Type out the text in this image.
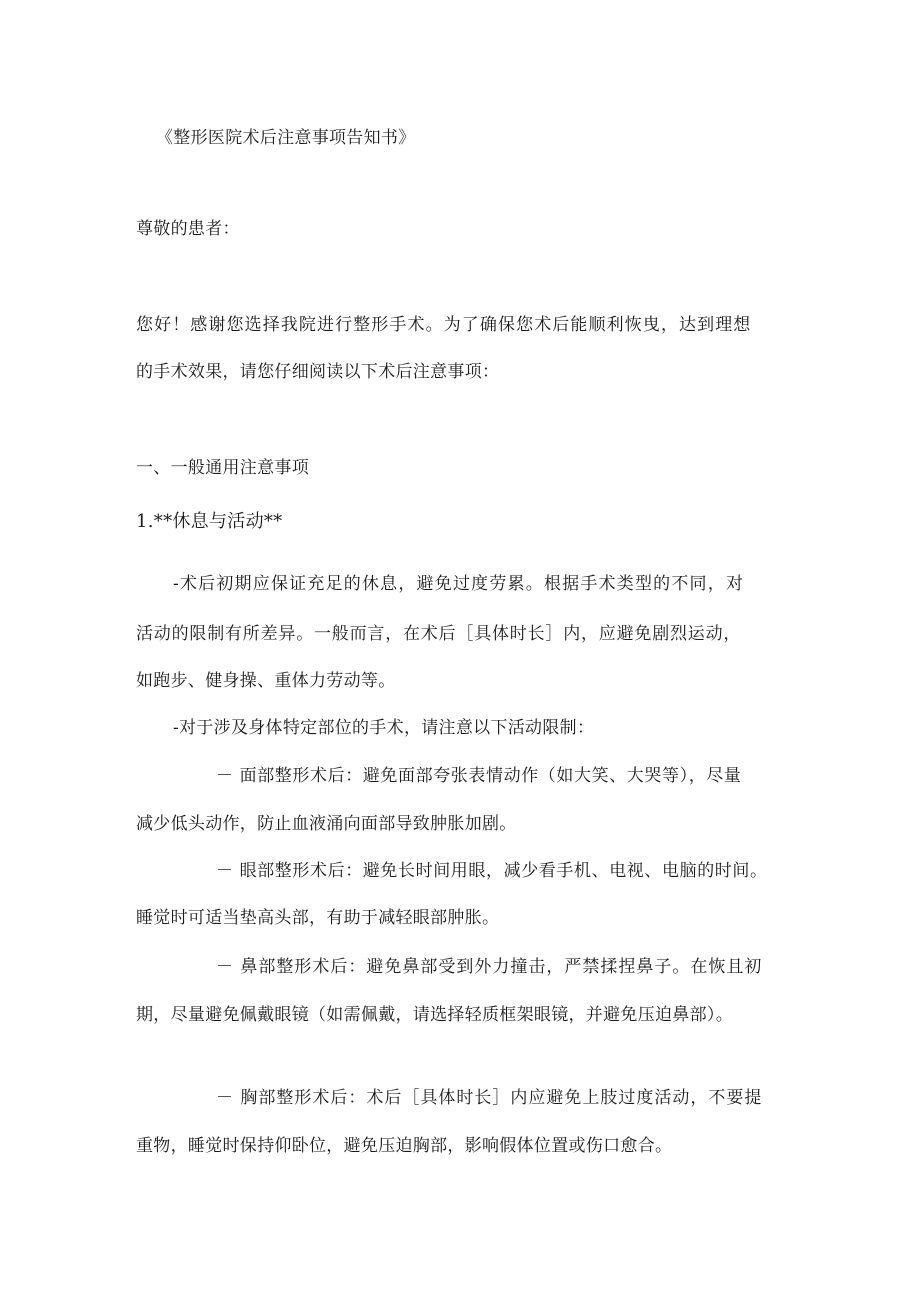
《整形医院术后注意事项告知书》
尊敬的患者：
您好！感谢您选择我院进行整形手术。为了确保您术后能顺利恢曳，达到理想
的手术效果，请您仔细阅读以下术后注意事项：
一、一般通用注意事项
1.**休息与活动**
-术后初期应保证充足的休息，避免过度劳累。根据手术类型的不同，对
活动的限制有所差异。一般而言，在术后［具体时长］内，应避免剧烈运动，
如跑步、健身操、重体力劳动等。
-对于涉及身体特定部位的手术，请注意以下活动限制：
－ 面部整形术后：避免面部夸张表情动作（如大笑、大哭等），尽量
减少低头动作，防止血液涌向面部导致肿胀加剧。
－ 眼部整形术后：避免长时间用眼，减少看手机、电视、电脑的时间。
睡觉时可适当垫高头部，有助于减轻眼部肿胀。
－ 鼻部整形术后：避免鼻部受到外力撞击，严禁揉捏鼻子。在恢且初
期，尽量避免佩戴眼镜（如需佩戴，请选择轻质框架眼镜，并避免压迫鼻部）。
－ 胸部整形术后：术后［具体时长］内应避免上肢过度活动，不要提
重物，睡觉时保持仰卧位，避免压迫胸部，影响假体位置或伤口愈合。
